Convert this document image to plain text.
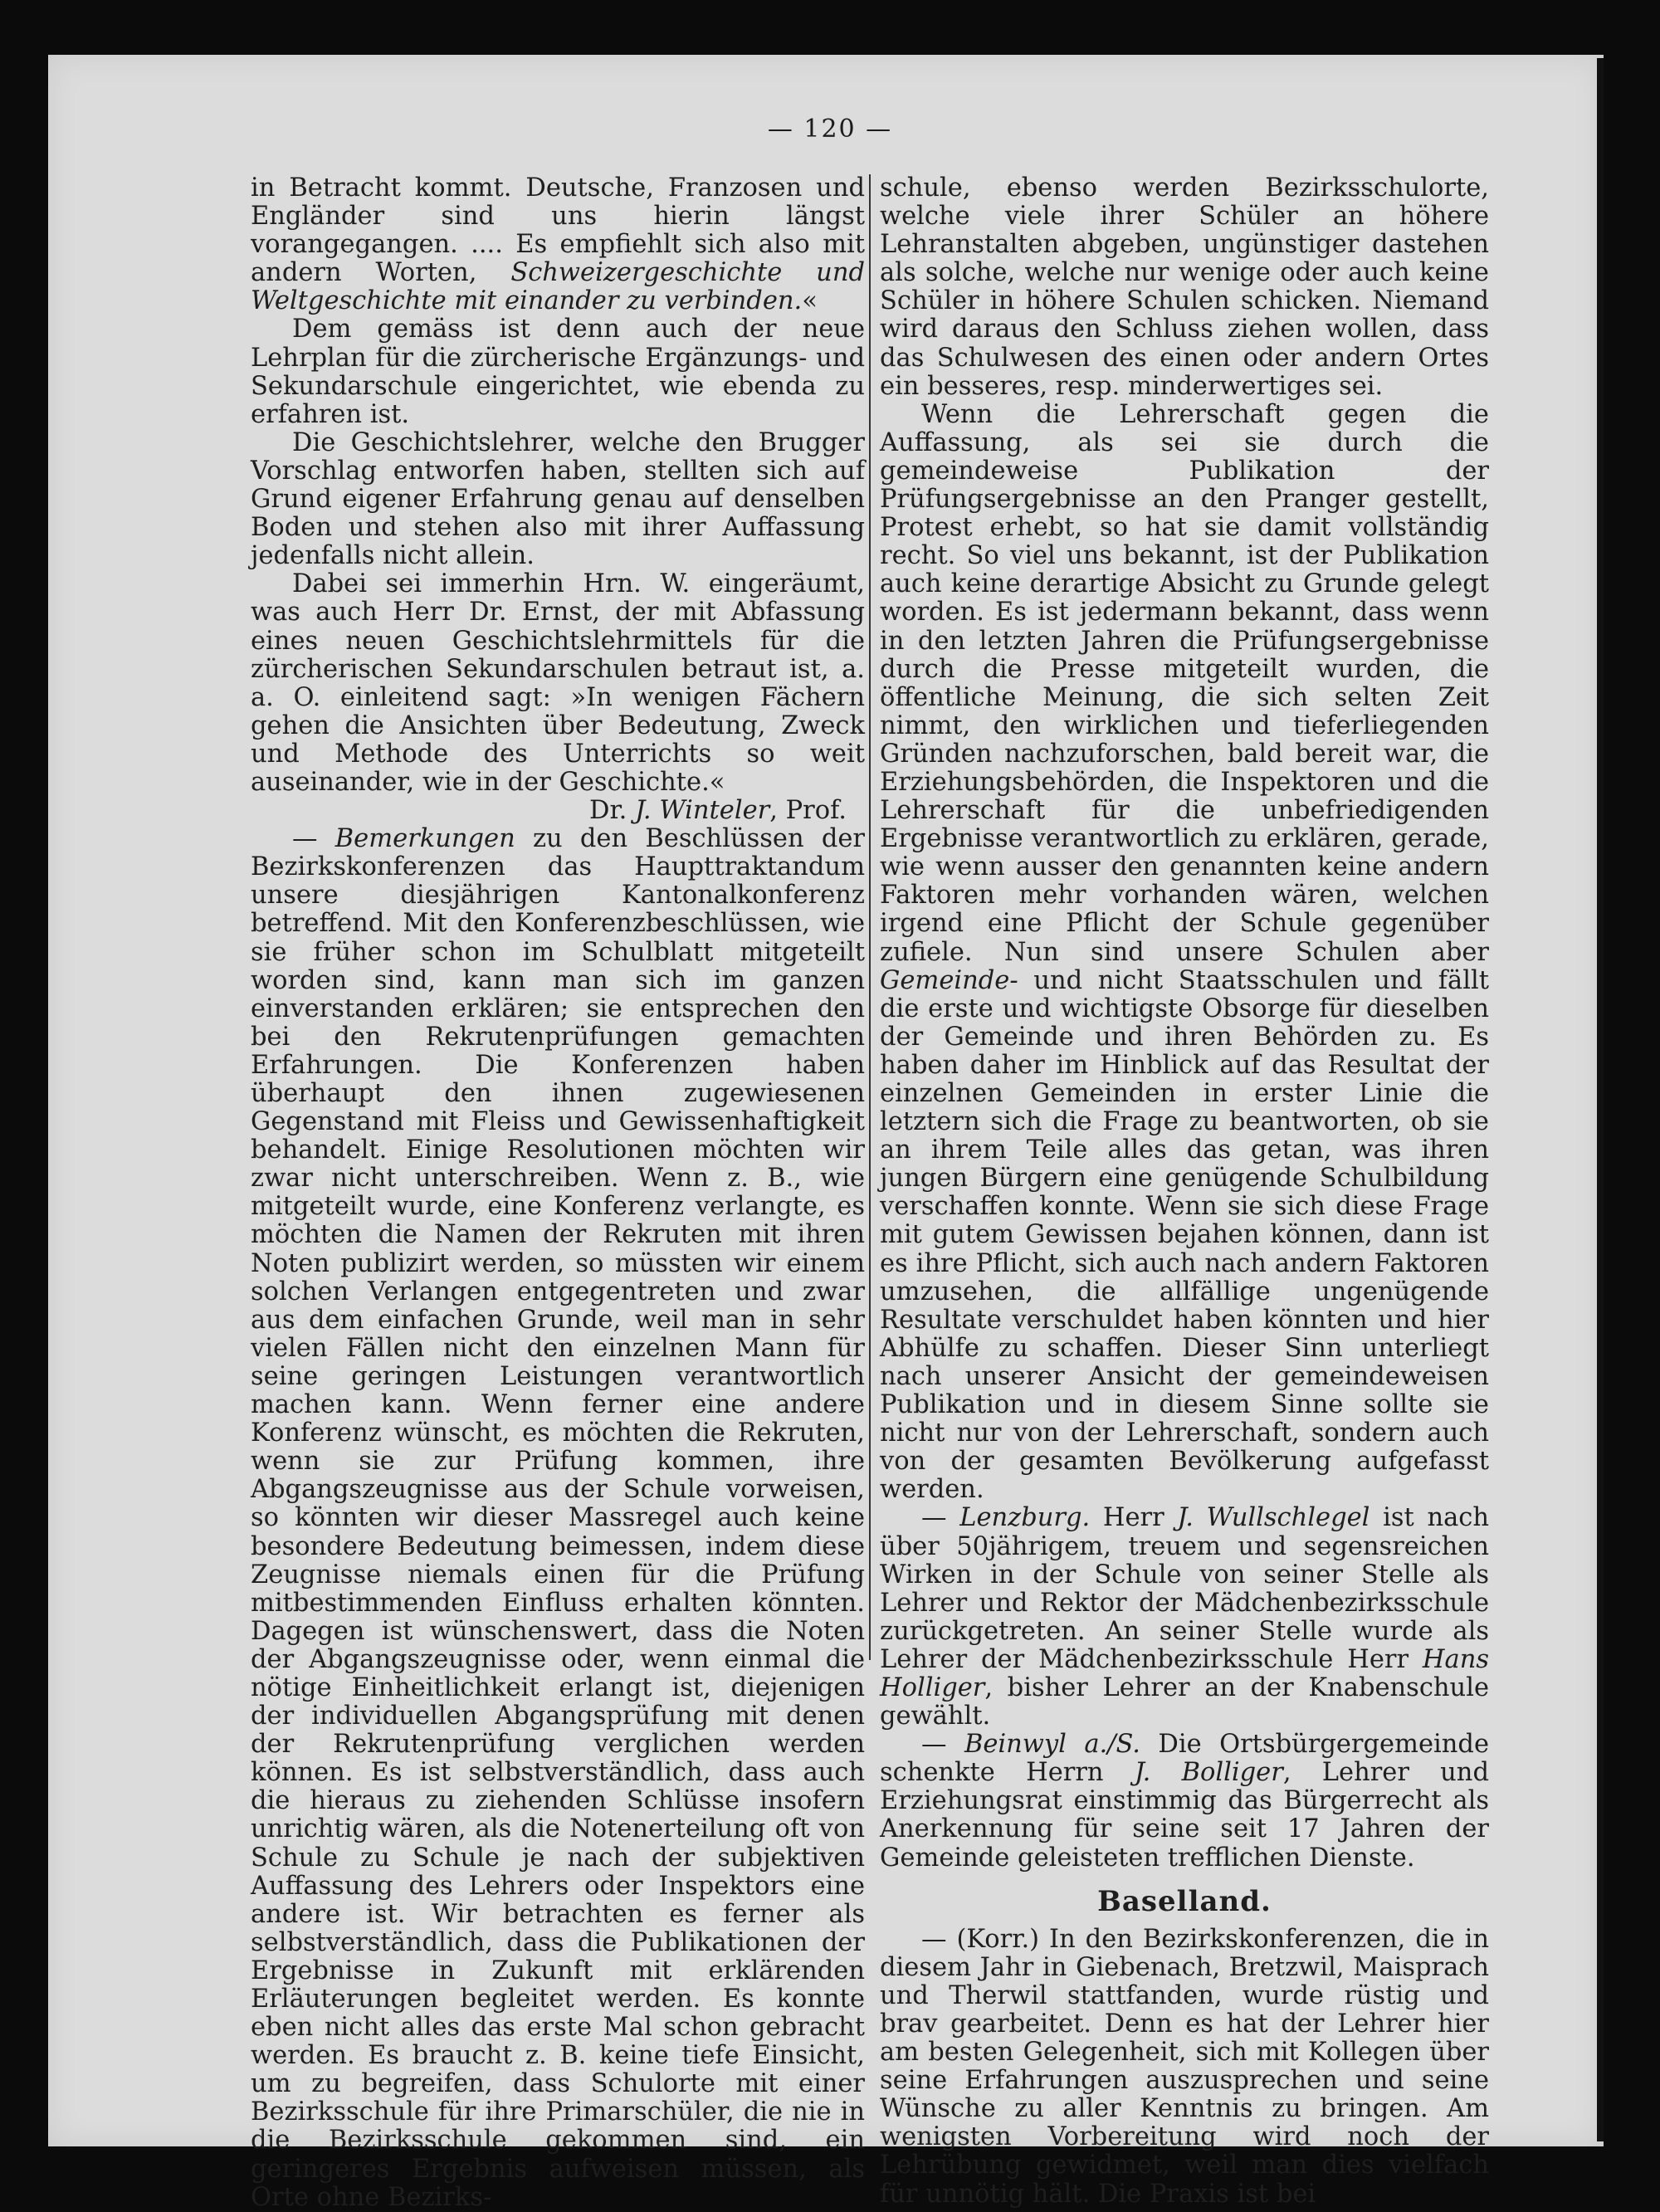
— 120 —

in Betracht kommt. Deutsche, Franzosen und Engländer sind uns hierin längst vorangegangen. .... Es empfiehlt sich also mit andern Worten, Schweizergeschichte und Weltgeschichte mit einander zu verbinden.«

Dem gemäss ist denn auch der neue Lehrplan für die zürcherische Ergänzungs- und Sekundarschule eingerichtet, wie ebenda zu erfahren ist.

Die Geschichtslehrer, welche den Brugger Vorschlag entworfen haben, stellten sich auf Grund eigener Erfahrung genau auf denselben Boden und stehen also mit ihrer Auffassung jedenfalls nicht allein.

Dabei sei immerhin Hrn. W. eingeräumt, was auch Herr Dr. Ernst, der mit Abfassung eines neuen Geschichtslehrmittels für die zürcherischen Sekundarschulen betraut ist, a. a. O. einleitend sagt: »In wenigen Fächern gehen die Ansichten über Bedeutung, Zweck und Methode des Unterrichts so weit auseinander, wie in der Geschichte.«

Dr. J. Winteler, Prof.

— Bemerkungen zu den Beschlüssen der Bezirkskonferenzen das Haupttraktandum unsere diesjährigen Kantonalkonferenz betreffend. Mit den Konferenzbeschlüssen, wie sie früher schon im Schulblatt mitgeteilt worden sind, kann man sich im ganzen einverstanden erklären; sie entsprechen den bei den Rekrutenprüfungen gemachten Erfahrungen. Die Konferenzen haben überhaupt den ihnen zugewiesenen Gegenstand mit Fleiss und Gewissenhaftigkeit behandelt. Einige Resolutionen möchten wir zwar nicht unterschreiben. Wenn z. B., wie mitgeteilt wurde, eine Konferenz verlangte, es möchten die Namen der Rekruten mit ihren Noten publizirt werden, so müssten wir einem solchen Verlangen entgegentreten und zwar aus dem einfachen Grunde, weil man in sehr vielen Fällen nicht den einzelnen Mann für seine geringen Leistungen verantwortlich machen kann. Wenn ferner eine andere Konferenz wünscht, es möchten die Rekruten, wenn sie zur Prüfung kommen, ihre Abgangszeugnisse aus der Schule vorweisen, so könnten wir dieser Massregel auch keine besondere Bedeutung beimessen, indem diese Zeugnisse niemals einen für die Prüfung mitbestimmenden Einfluss erhalten könnten. Dagegen ist wünschenswert, dass die Noten der Abgangszeugnisse oder, wenn einmal die nötige Einheitlichkeit erlangt ist, diejenigen der individuellen Abgangsprüfung mit denen der Rekrutenprüfung verglichen werden können. Es ist selbstverständlich, dass auch die hieraus zu ziehenden Schlüsse insofern unrichtig wären, als die Notenerteilung oft von Schule zu Schule je nach der subjektiven Auffassung des Lehrers oder Inspektors eine andere ist. Wir betrachten es ferner als selbstverständlich, dass die Publikationen der Ergebnisse in Zukunft mit erklärenden Erläuterungen begleitet werden. Es konnte eben nicht alles das erste Mal schon gebracht werden. Es braucht z. B. keine tiefe Einsicht, um zu begreifen, dass Schulorte mit einer Bezirksschule für ihre Primarschüler, die nie in die Bezirksschule gekommen sind, ein geringeres Ergebnis aufweisen müssen, als Orte ohne Bezirks-

schule, ebenso werden Bezirksschulorte, welche viele ihrer Schüler an höhere Lehranstalten abgeben, ungünstiger dastehen als solche, welche nur wenige oder auch keine Schüler in höhere Schulen schicken. Niemand wird daraus den Schluss ziehen wollen, dass das Schulwesen des einen oder andern Ortes ein besseres, resp. minderwertiges sei.

Wenn die Lehrerschaft gegen die Auffassung, als sei sie durch die gemeindeweise Publikation der Prüfungsergebnisse an den Pranger gestellt, Protest erhebt, so hat sie damit vollständig recht. So viel uns bekannt, ist der Publikation auch keine derartige Absicht zu Grunde gelegt worden. Es ist jedermann bekannt, dass wenn in den letzten Jahren die Prüfungsergebnisse durch die Presse mitgeteilt wurden, die öffentliche Meinung, die sich selten Zeit nimmt, den wirklichen und tieferliegenden Gründen nachzuforschen, bald bereit war, die Erziehungsbehörden, die Inspektoren und die Lehrerschaft für die unbefriedigenden Ergebnisse verantwortlich zu erklären, gerade, wie wenn ausser den genannten keine andern Faktoren mehr vorhanden wären, welchen irgend eine Pflicht der Schule gegenüber zufiele. Nun sind unsere Schulen aber Gemeinde- und nicht Staatsschulen und fällt die erste und wichtigste Obsorge für dieselben der Gemeinde und ihren Behörden zu. Es haben daher im Hinblick auf das Resultat der einzelnen Gemeinden in erster Linie die letztern sich die Frage zu beantworten, ob sie an ihrem Teile alles das getan, was ihren jungen Bürgern eine genügende Schulbildung verschaffen konnte. Wenn sie sich diese Frage mit gutem Gewissen bejahen können, dann ist es ihre Pflicht, sich auch nach andern Faktoren umzusehen, die allfällige ungenügende Resultate verschuldet haben könnten und hier Abhülfe zu schaffen. Dieser Sinn unterliegt nach unserer Ansicht der gemeindeweisen Publikation und in diesem Sinne sollte sie nicht nur von der Lehrerschaft, sondern auch von der gesamten Bevölkerung aufgefasst werden.

— Lenzburg. Herr J. Wullschlegel ist nach über 50jährigem, treuem und segensreichen Wirken in der Schule von seiner Stelle als Lehrer und Rektor der Mädchenbezirksschule zurückgetreten. An seiner Stelle wurde als Lehrer der Mädchenbezirksschule Herr Hans Holliger, bisher Lehrer an der Knabenschule gewählt.

— Beinwyl a./S. Die Ortsbürgergemeinde schenkte Herrn J. Bolliger, Lehrer und Erziehungsrat einstimmig das Bürgerrecht als Anerkennung für seine seit 17 Jahren der Gemeinde geleisteten trefflichen Dienste.

Baselland.

— (Korr.) In den Bezirkskonferenzen, die in diesem Jahr in Giebenach, Bretzwil, Maisprach und Therwil stattfanden, wurde rüstig und brav gearbeitet. Denn es hat der Lehrer hier am besten Gelegenheit, sich mit Kollegen über seine Erfahrungen auszusprechen und seine Wünsche zu aller Kenntnis zu bringen. Am wenigsten Vorbereitung wird noch der Lehrübung gewidmet, weil man dies vielfach für unnötig hält. Die Praxis ist bei
